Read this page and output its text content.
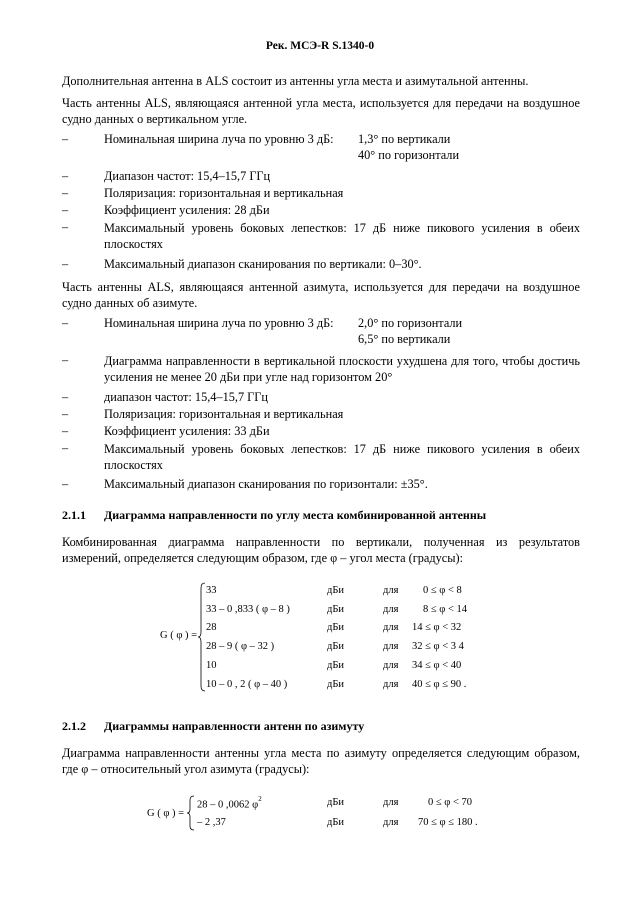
Рек. МСЭ-R S.1340-0
Дополнительная антенна в ALS состоит из антенны угла места и азимутальной антенны.
Часть антенны ALS, являющаяся антенной угла места, используется для передачи на воздушное
судно данных о вертикальном угле.
–	Номинальная ширина луча по уровню 3 дБ: 1,3° по вертикали
40° по горизонтали
–	Диапазон частот: 15,4–15,7 ГГц
–	Поляризация: горизонтальная и вертикальная
–	Коэффициент усиления: 28 дБи
–	Максимальный уровень боковых лепестков: 17 дБ ниже пикового усиления в обеих
плоскостях
–	Максимальный диапазон сканирования по вертикали: 0–30°.
Часть антенны ALS, являющаяся антенной азимута, используется для передачи на воздушное
судно данных об азимуте.
–	Номинальная ширина луча по уровню 3 дБ: 2,0° по горизонтали
6,5° по вертикали
–	Диаграмма направленности в вертикальной плоскости ухудшена для того, чтобы достичь
усиления не менее 20 дБи при угле над горизонтом 20°
–	диапазон частот: 15,4–15,7 ГГц
–	Поляризация: горизонтальная и вертикальная
–	Коэффициент усиления: 33 дБи
–	Максимальный уровень боковых лепестков: 17 дБ ниже пикового усиления в обеих
плоскостях
–	Максимальный диапазон сканирования по горизонтали: ±35°.
2.1.1 Диаграмма направленности по углу места комбинированной антенны
Комбинированная диаграмма направленности по вертикали, полученная из результатов
измерений, определяется следующим образом, где φ – угол места (градусы):
G ( φ ) =
33	дБи	для 0 ≤ φ < 8
33 – 0 ,833 ( φ – 8 )	дБи	для 8 ≤ φ < 14
28	дБи	для 14 ≤ φ < 32
28 – 9 ( φ – 32 )	дБи	для 32 ≤ φ < 3 4
10	дБи	для 34 ≤ φ < 40
10 – 0 , 2 ( φ – 40 )	дБи	для 40 ≤ φ ≤ 90 .
2.1.2 Диаграммы направленности антенн по азимуту
Диаграмма направленности антенны угла места по азимуту определяется следующим образом,
где φ – относительный угол азимута (градусы):
G ( φ ) =
28 – 0 ,0062 $\varphi^2$	дБи	для	0 ≤ φ < 70
– 2 ,37	дБи	для 70 ≤ φ ≤ 180 .
